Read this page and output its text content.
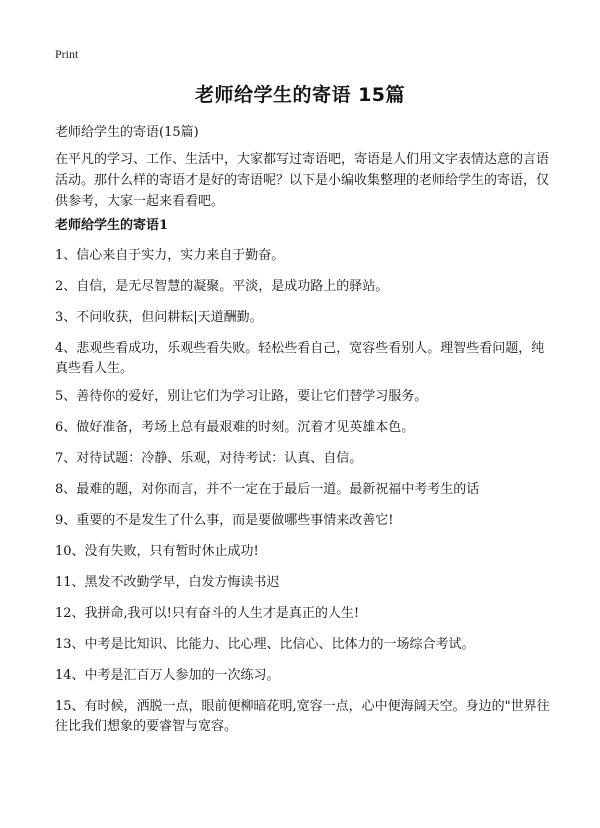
Print
老师给学生的寄语 15篇
老师给学生的寄语(15篇)
在平凡的学习、工作、生活中，大家都写过寄语吧，寄语是人们用文字表情达意的言语活动。那什么样的寄语才是好的寄语呢？以下是小编收集整理的老师给学生的寄语，仅供参考，大家一起来看看吧。
老师给学生的寄语1
1、信心来自于实力，实力来自于勤奋。
2、自信，是无尽智慧的凝聚。平淡，是成功路上的驿站。
3、不问收获，但问耕耘|天道酬勤。
4、悲观些看成功，乐观些看失败。轻松些看自己，宽容些看别人。理智些看问题，纯真些看人生。
5、善待你的爱好，别让它们为学习让路，要让它们替学习服务。
6、做好准备，考场上总有最艰难的时刻。沉着才见英雄本色。
7、对待试题：冷静、乐观，对待考试：认真、自信。
8、最难的题，对你而言，并不一定在于最后一道。最新祝福中考考生的话
9、重要的不是发生了什么事，而是要做哪些事情来改善它!
10、没有失败，只有暂时休止成功!
11、黑发不改勤学早，白发方悔读书迟
12、我拼命,我可以!只有奋斗的人生才是真正的人生!
13、中考是比知识、比能力、比心理、比信心、比体力的一场综合考试。
14、中考是汇百万人参加的一次练习。
15、有时候，洒脱一点，眼前便柳暗花明,宽容一点，心中便海阔天空。身边的"世界往往比我们想象的要睿智与宽容。
